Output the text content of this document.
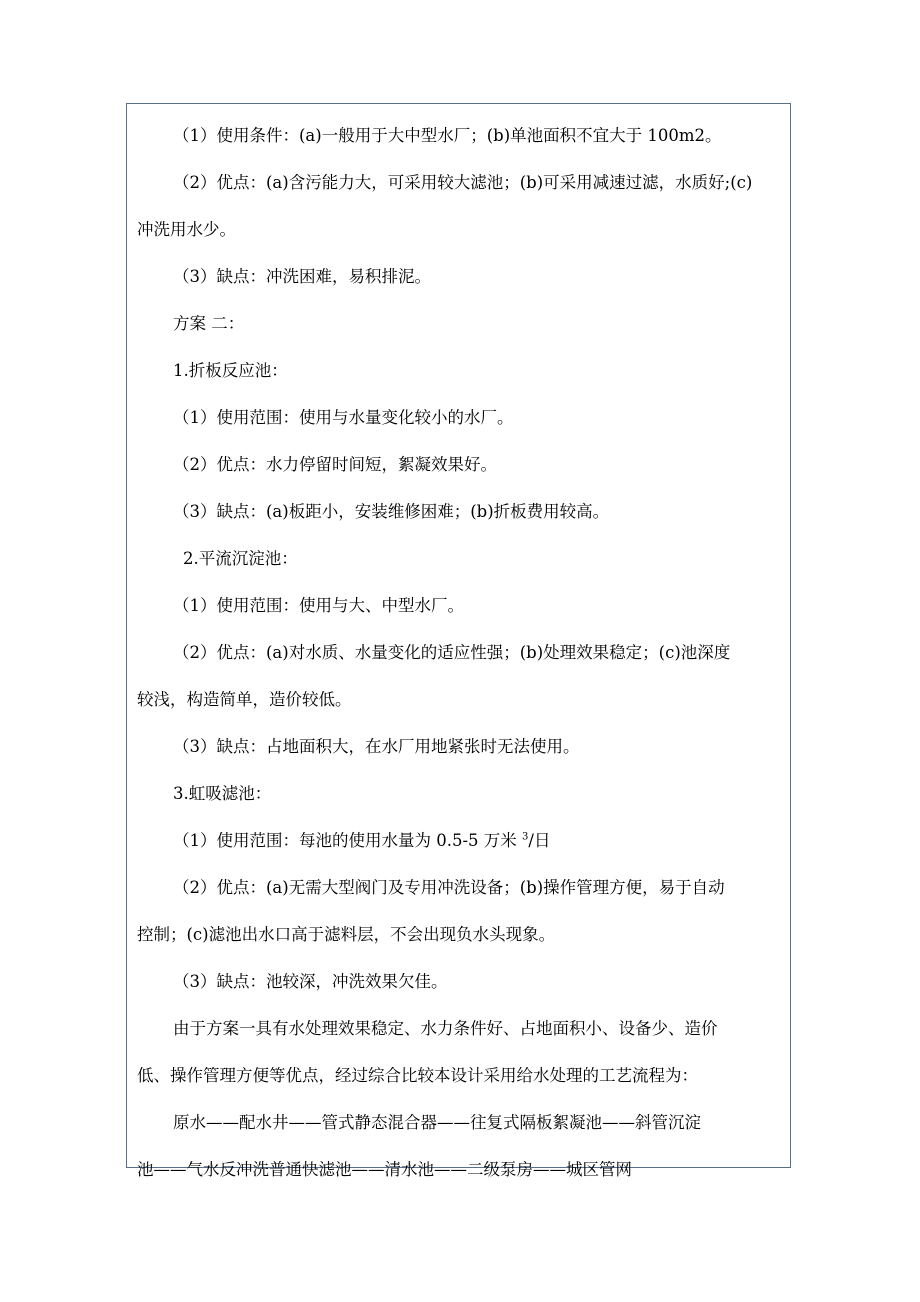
（1）使用条件：(a)一般用于大中型水厂；(b)单池面积不宜大于 100m2。

（2）优点：(a)含污能力大，可采用较大滤池；(b)可采用减速过滤，水质好;(c)

冲洗用水少。

（3）缺点：冲洗困难，易积排泥。

方案 二：

1.折板反应池：

（1）使用范围：使用与水量变化较小的水厂。

（2）优点：水力停留时间短，絮凝效果好。

（3）缺点：(a)板距小，安装维修困难；(b)折板费用较高。

2.平流沉淀池：

（1）使用范围：使用与大、中型水厂。

（2）优点：(a)对水质、水量变化的适应性强；(b)处理效果稳定；(c)池深度

较浅，构造简单，造价较低。

（3）缺点：占地面积大，在水厂用地紧张时无法使用。

3.虹吸滤池：

（1）使用范围：每池的使用水量为 0.5-5 万米 $^3$/日

（2）优点：(a)无需大型阀门及专用冲洗设备；(b)操作管理方便，易于自动

控制；(c)滤池出水口高于滤料层，不会出现负水头现象。

（3）缺点：池较深，冲洗效果欠佳。

由于方案一具有水处理效果稳定、水力条件好、占地面积小、设备少、造价

低、操作管理方便等优点，经过综合比较本设计采用给水处理的工艺流程为：

原水——配水井——管式静态混合器——往复式隔板絮凝池——斜管沉淀

池——气水反冲洗普通快滤池——清水池——二级泵房——城区管网
